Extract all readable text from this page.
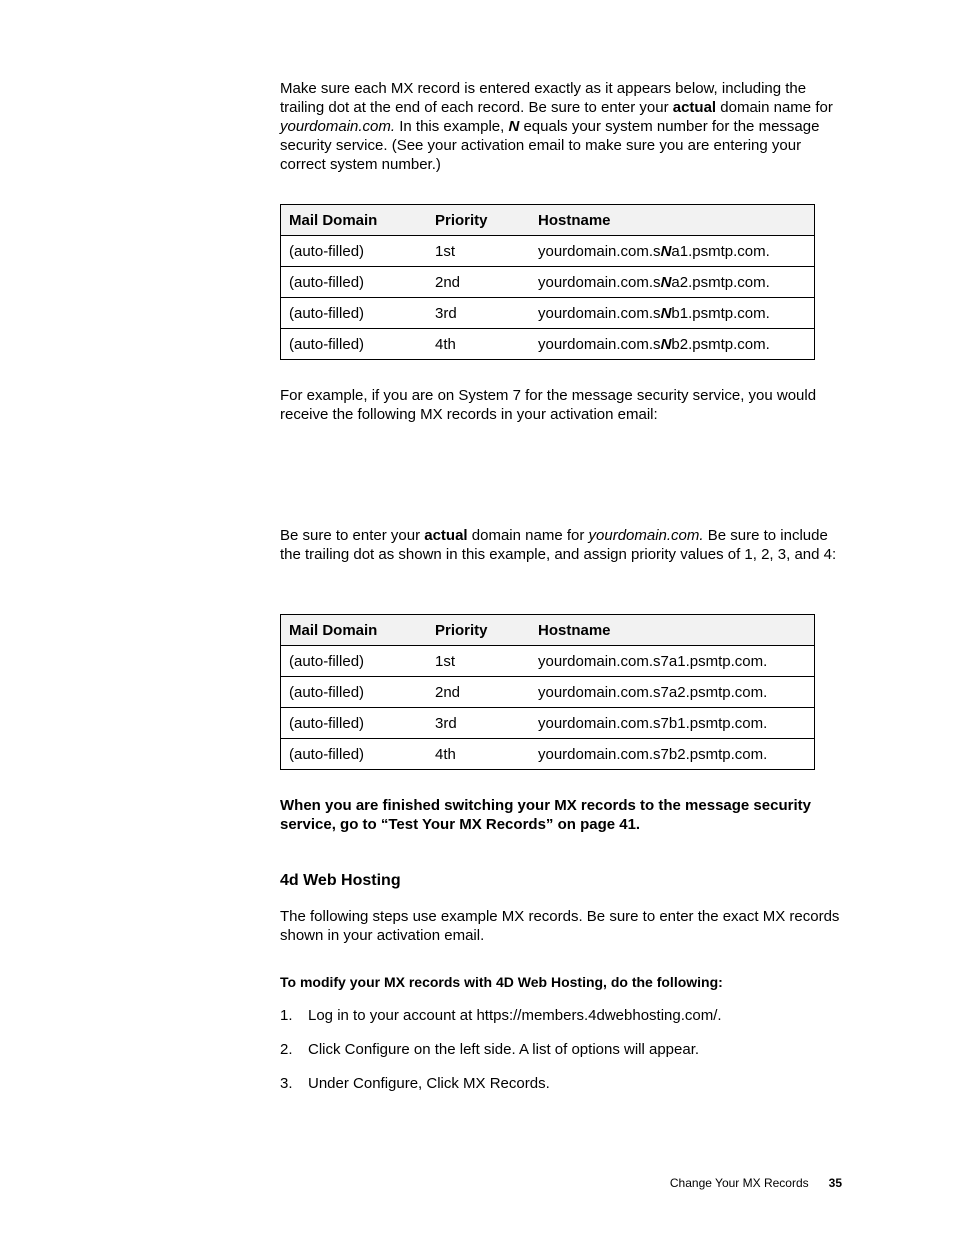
Make sure each MX record is entered exactly as it appears below, including the trailing dot at the end of each record. Be sure to enter your actual domain name for yourdomain.com. In this example, N equals your system number for the message security service. (See your activation email to make sure you are entering your correct system number.)

Mail Domain	Priority	Hostname
(auto-filled)	1st	yourdomain.com.sNa1.psmtp.com.
(auto-filled)	2nd	yourdomain.com.sNa2.psmtp.com.
(auto-filled)	3rd	yourdomain.com.sNb1.psmtp.com.
(auto-filled)	4th	yourdomain.com.sNb2.psmtp.com.

For example, if you are on System 7 for the message security service, you would receive the following MX records in your activation email:

Be sure to enter your actual domain name for yourdomain.com. Be sure to include the trailing dot as shown in this example, and assign priority values of 1, 2, 3, and 4:

Mail Domain	Priority	Hostname
(auto-filled)	1st	yourdomain.com.s7a1.psmtp.com.
(auto-filled)	2nd	yourdomain.com.s7a2.psmtp.com.
(auto-filled)	3rd	yourdomain.com.s7b1.psmtp.com.
(auto-filled)	4th	yourdomain.com.s7b2.psmtp.com.

When you are finished switching your MX records to the message security service, go to “Test Your MX Records” on page 41.

4d Web Hosting

The following steps use example MX records. Be sure to enter the exact MX records shown in your activation email.

To modify your MX records with 4D Web Hosting, do the following:

1. Log in to your account at https://members.4dwebhosting.com/.
2. Click Configure on the left side. A list of options will appear.
3. Under Configure, Click MX Records.
Change Your MX Records 35
